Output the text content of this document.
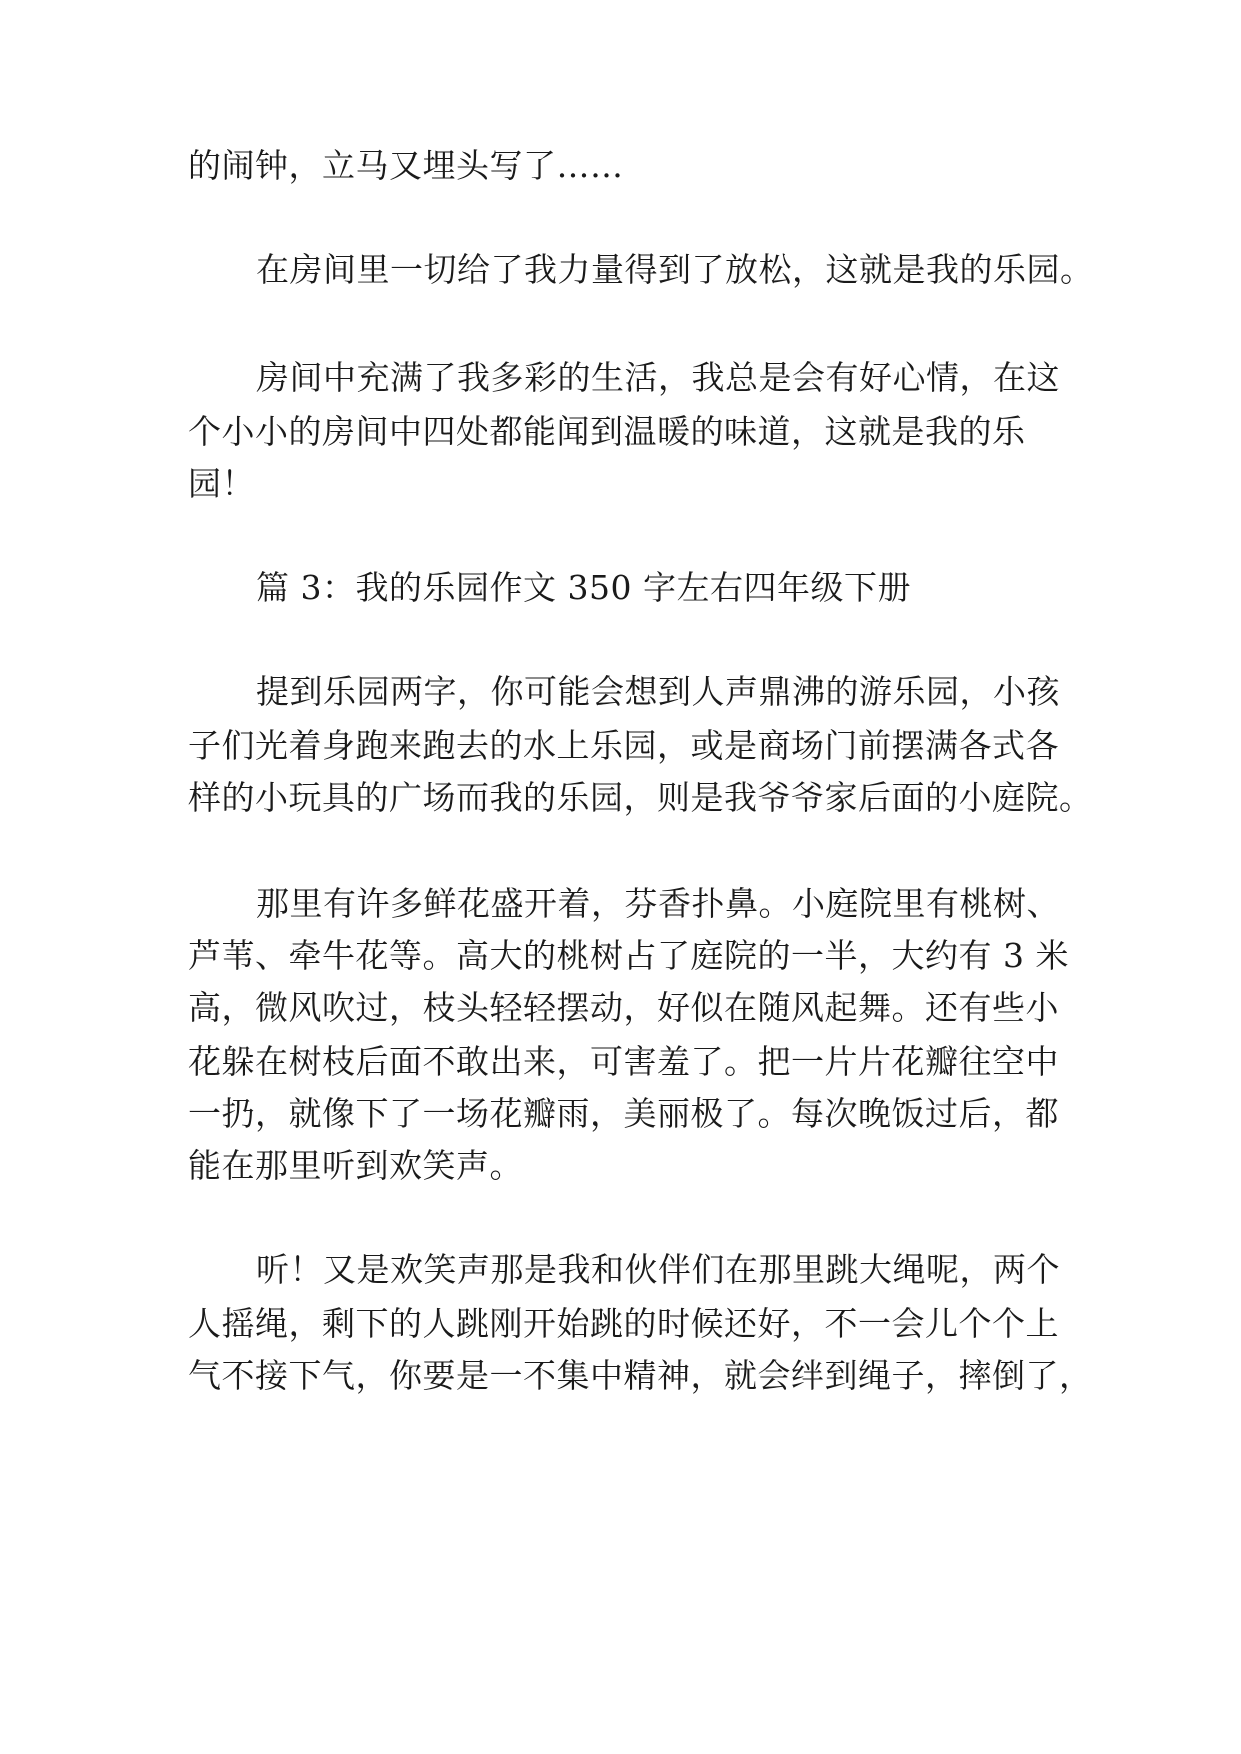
的闹钟，立马又埋头写了……
在房间里一切给了我力量得到了放松，这就是我的乐园。
房间中充满了我多彩的生活，我总是会有好心情，在这
个小小的房间中四处都能闻到温暖的味道，这就是我的乐
园！
篇 3：我的乐园作文 350 字左右四年级下册
提到乐园两字，你可能会想到人声鼎沸的游乐园，小孩
子们光着身跑来跑去的水上乐园，或是商场门前摆满各式各
样的小玩具的广场而我的乐园，则是我爷爷家后面的小庭院。
那里有许多鲜花盛开着，芬香扑鼻。小庭院里有桃树、
芦苇、牵牛花等。高大的桃树占了庭院的一半，大约有 3 米
高，微风吹过，枝头轻轻摆动，好似在随风起舞。还有些小
花躲在树枝后面不敢出来，可害羞了。把一片片花瓣往空中
一扔，就像下了一场花瓣雨，美丽极了。每次晚饭过后，都
能在那里听到欢笑声。
听！又是欢笑声那是我和伙伴们在那里跳大绳呢，两个
人摇绳，剩下的人跳刚开始跳的时候还好，不一会儿个个上
气不接下气，你要是一不集中精神，就会绊到绳子，摔倒了，
